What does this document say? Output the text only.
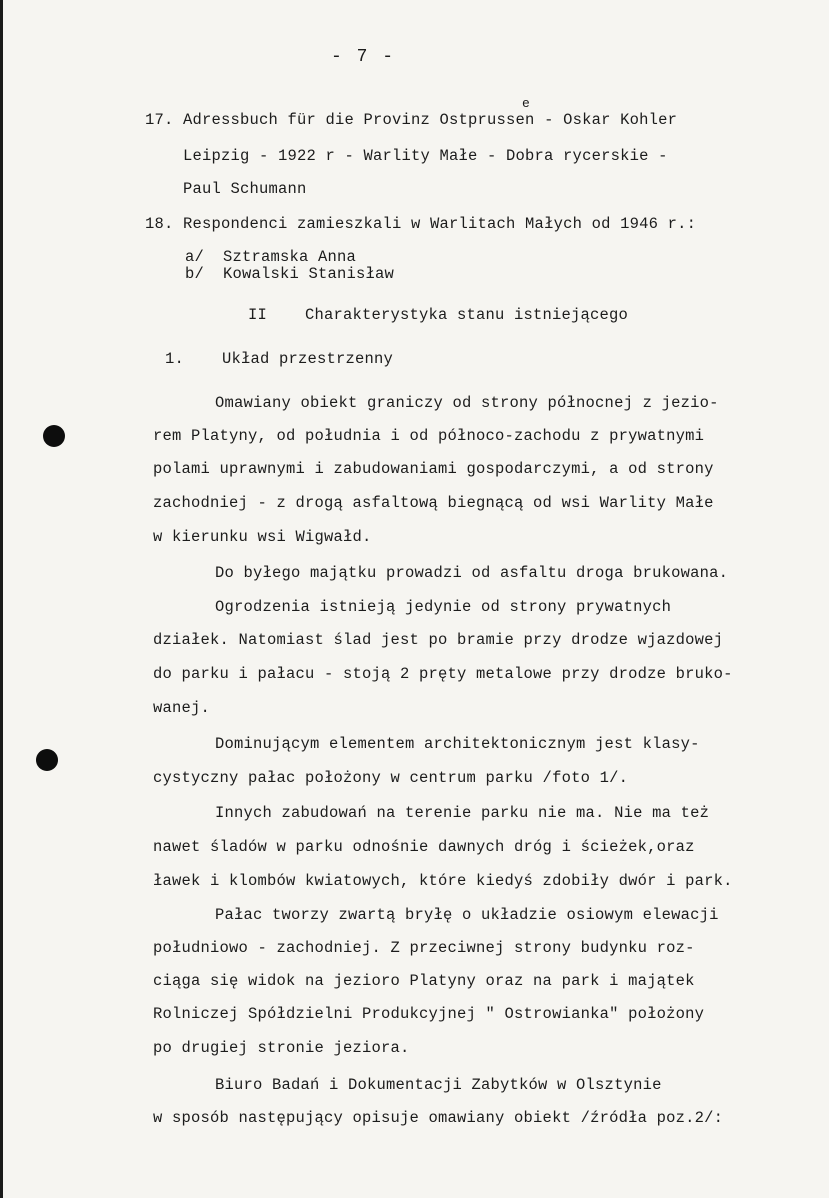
- 7 -
e
17. Adressbuch für die Provinz Ostprussen - Oskar Kohler
Leipzig - 1922 r - Warlity Małe - Dobra rycerskie -
Paul Schumann
18. Respondenci zamieszkali w Warlitach Małych od 1946 r.:
a/  Sztramska Anna
b/  Kowalski Stanisław
II    Charakterystyka stanu istniejącego
1.    Układ przestrzenny
Omawiany obiekt graniczy od strony północnej z jezio-
rem Platyny, od południa i od północo-zachodu z prywatnymi
polami uprawnymi i zabudowaniami gospodarczymi, a od strony
zachodniej - z drogą asfaltową biegnącą od wsi Warlity Małe
w kierunku wsi Wigwałd.
Do byłego majątku prowadzi od asfaltu droga brukowana.
Ogrodzenia istnieją jedynie od strony prywatnych
działek. Natomiast ślad jest po bramie przy drodze wjazdowej
do parku i pałacu - stoją 2 pręty metalowe przy drodze bruko-
wanej.
Dominującym elementem architektonicznym jest klasy-
cystyczny pałac położony w centrum parku /foto 1/.
Innych zabudowań na terenie parku nie ma. Nie ma też
nawet śladów w parku odnośnie dawnych dróg i ścieżek,oraz
ławek i klombów kwiatowych, które kiedyś zdobiły dwór i park.
Pałac tworzy zwartą bryłę o układzie osiowym elewacji
południowo - zachodniej. Z przeciwnej strony budynku roz-
ciąga się widok na jezioro Platyny oraz na park i majątek
Rolniczej Spółdzielni Produkcyjnej " Ostrowianka" położony
po drugiej stronie jeziora.
Biuro Badań i Dokumentacji Zabytków w Olsztynie
w sposób następujący opisuje omawiany obiekt /źródła poz.2/:
